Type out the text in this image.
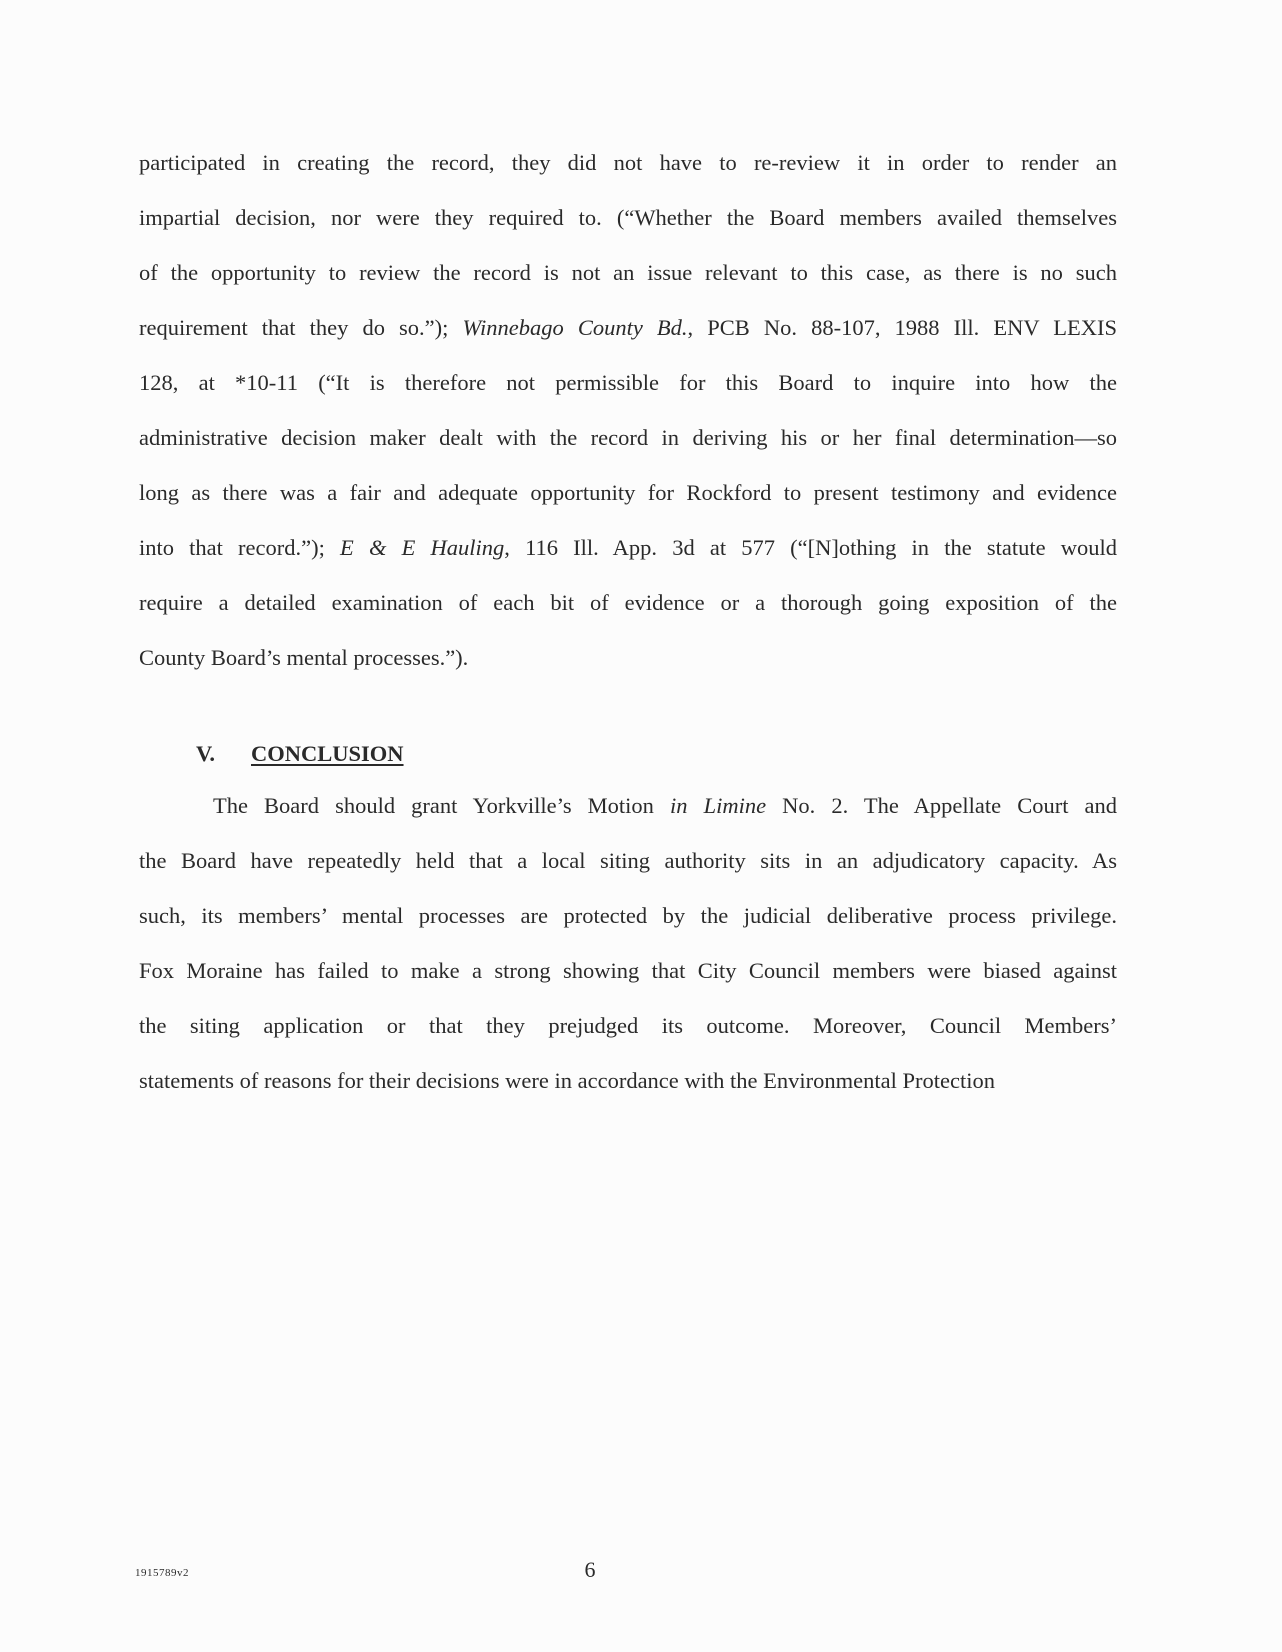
participated in creating the record, they did not have to re-review it in order to render an
impartial decision, nor were they required to. (“Whether the Board members availed themselves
of the opportunity to review the record is not an issue relevant to this case, as there is no such
requirement that they do so.”); Winnebago County Bd., PCB No. 88-107, 1988 Ill. ENV LEXIS
128, at *10-11 (“It is therefore not permissible for this Board to inquire into how the
administrative decision maker dealt with the record in deriving his or her final determination—so
long as there was a fair and adequate opportunity for Rockford to present testimony and evidence
into that record.”); E & E Hauling, 116 Ill. App. 3d at 577 (“[N]othing in the statute would
require a detailed examination of each bit of evidence or a thorough going exposition of the
County Board’s mental processes.”).
V. CONCLUSION
The Board should grant Yorkville’s Motion in Limine No. 2. The Appellate Court and
the Board have repeatedly held that a local siting authority sits in an adjudicatory capacity. As
such, its members’ mental processes are protected by the judicial deliberative process privilege.
Fox Moraine has failed to make a strong showing that City Council members were biased against
the siting application or that they prejudged its outcome. Moreover, Council Members’
statements of reasons for their decisions were in accordance with the Environmental Protection
1915789v2	6
